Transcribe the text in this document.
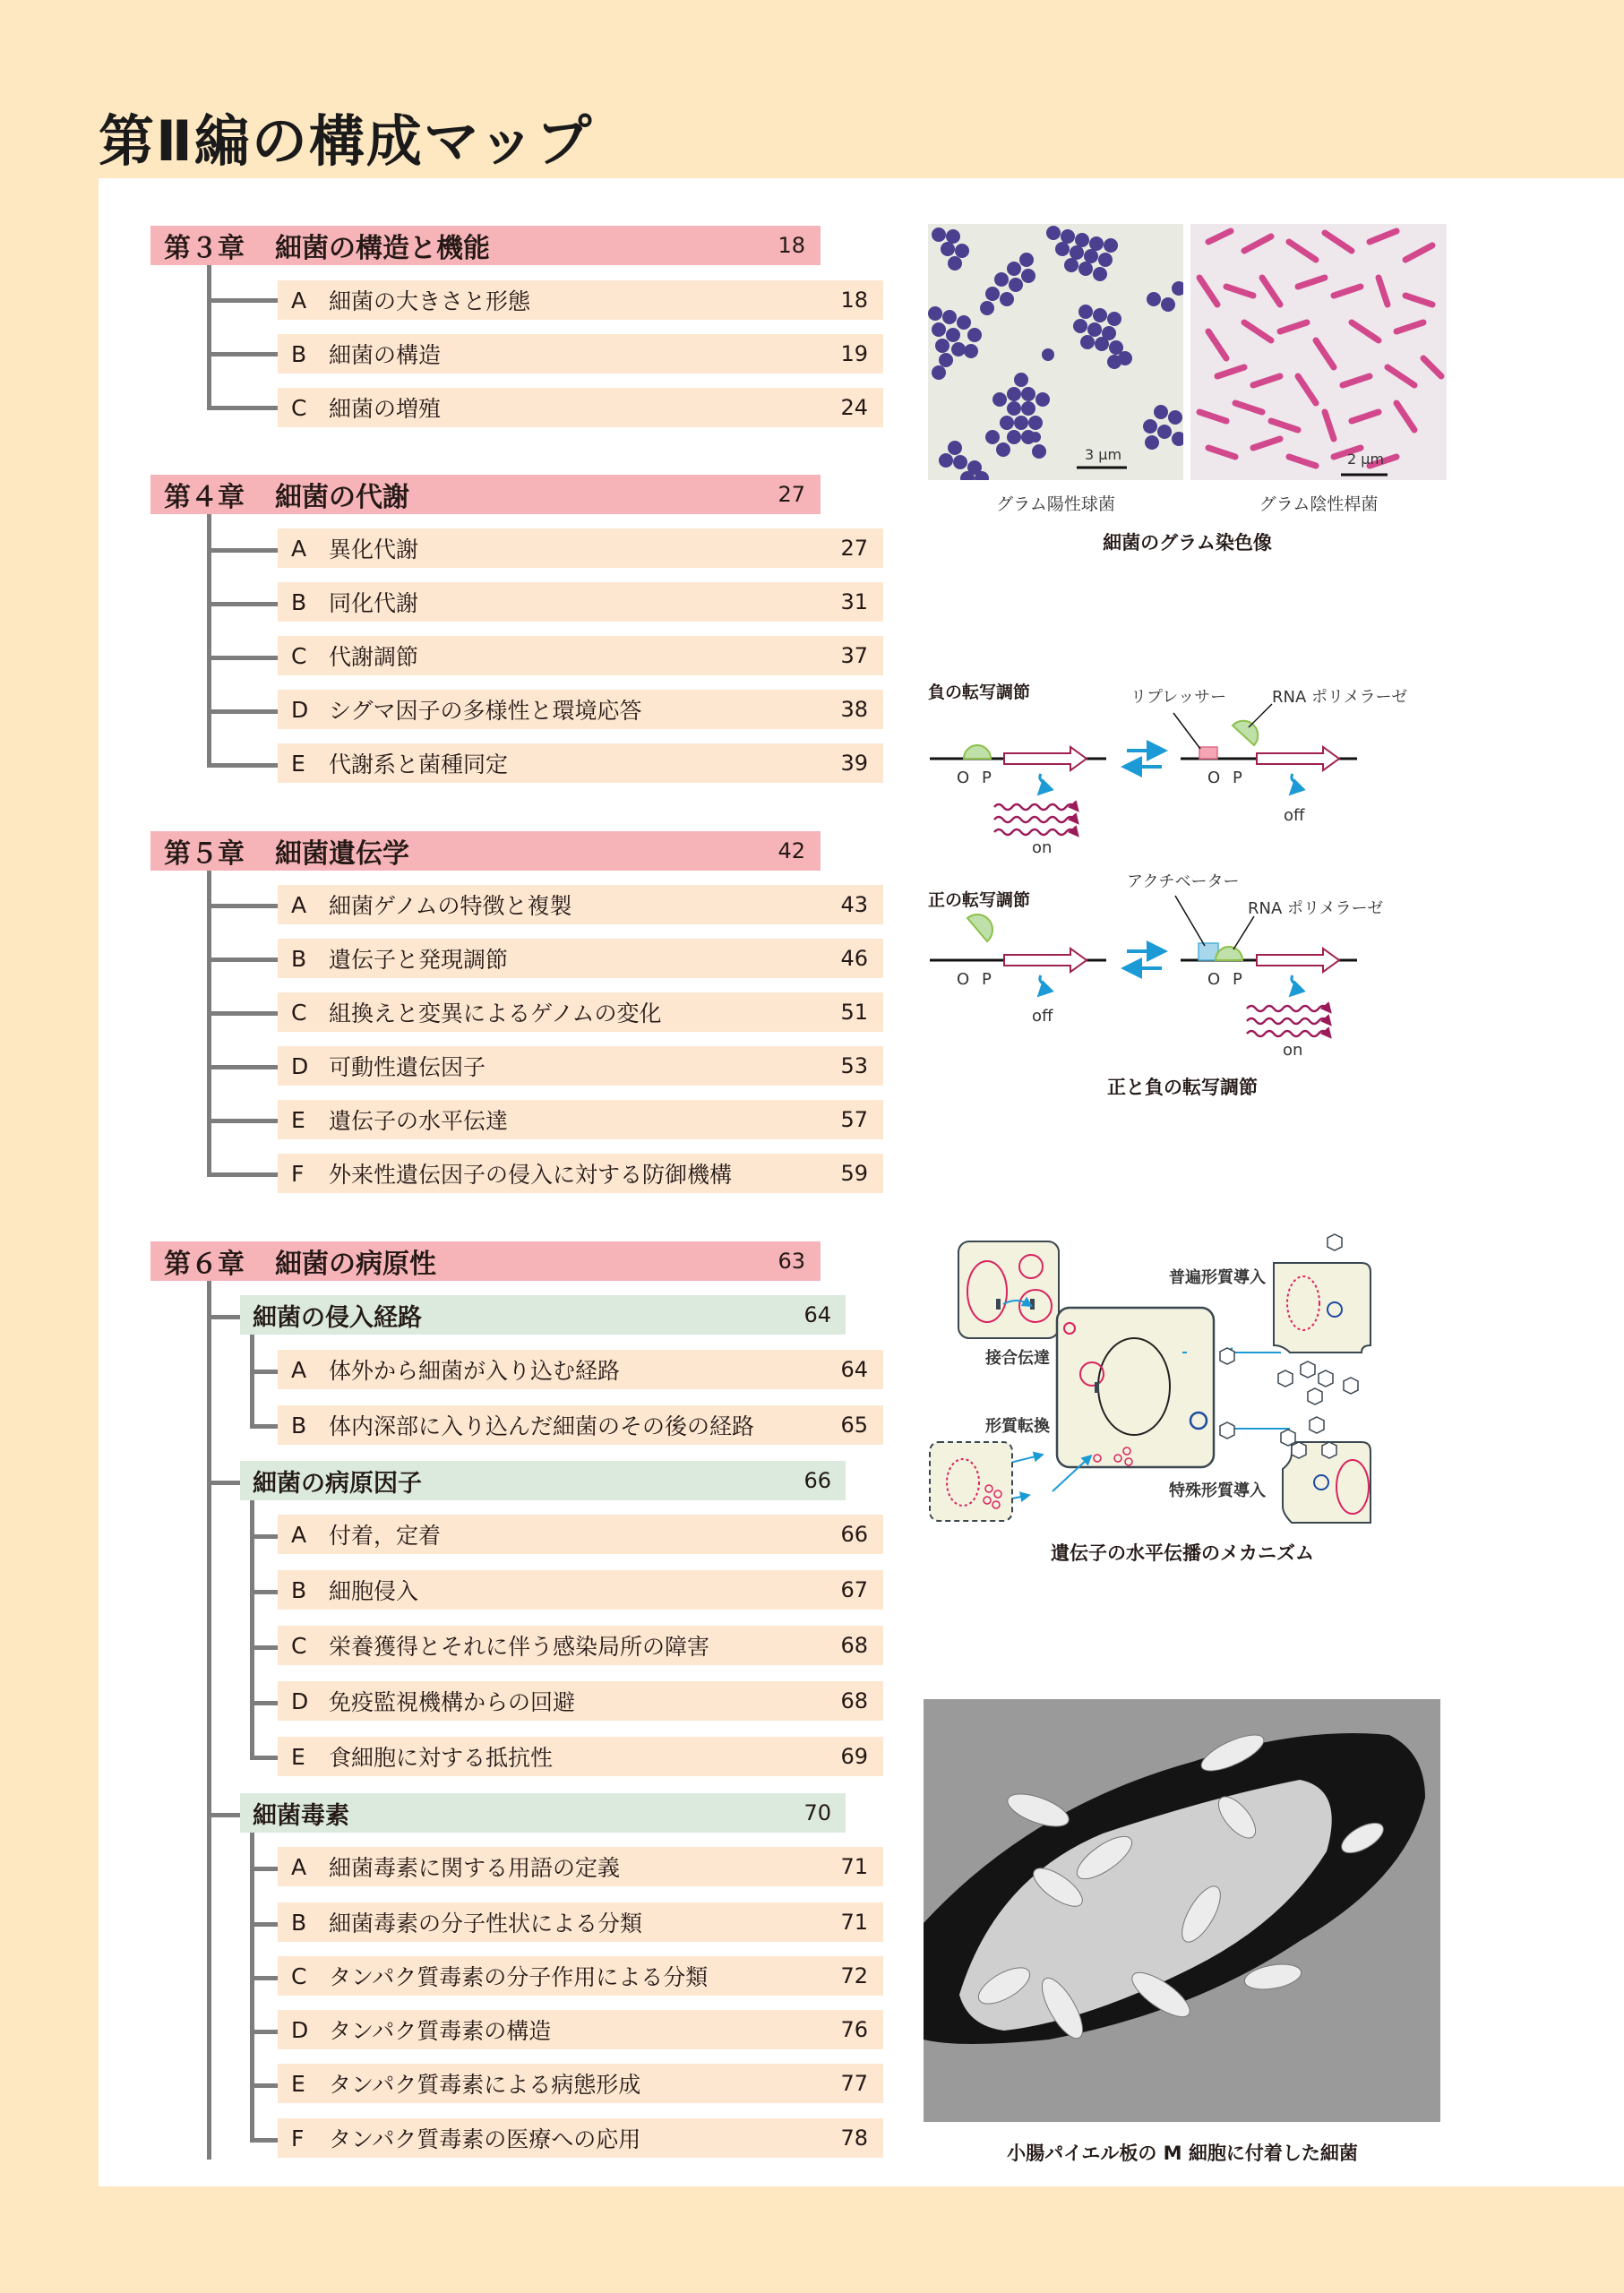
第Ⅱ編の構成マップ
第３章 細菌の構造と機能	18
A 細菌の大きさと形態	18
B 細菌の構造	19
C 細菌の増殖	24
第４章 細菌の代謝	27
A 異化代謝	27
B 同化代謝	31
C 代謝調節	37
D シグマ因子の多様性と環境応答	38
E	代謝系と菌種同定	39
第５章 細菌遺伝学	42
A 細菌ゲノムの特徴と複製	43
B 遺伝子と発現調節	46
C 組換えと変異によるゲノムの変化	51
D 可動性遺伝因子	53
E	遺伝子の水平伝達	57
F	外来性遺伝因子の侵入に対する防御機構	59
第６章 細菌の病原性	63
細菌の侵入経路	64
A 体外から細菌が入り込む経路	64
B 体内深部に入り込んだ細菌のその後の経路	65
細菌の病原因子	66
A 付着，定着	66
B 細胞侵入	67
C 栄養獲得とそれに伴う感染局所の障害	68
D 免疫監視機構からの回避	68
E	食細胞に対する抵抗性	69
細菌毒素	70
A 細菌毒素に関する用語の定義	71
B 細菌毒素の分子性状による分類	71
C タンパク質毒素の分子作用による分類	72
D タンパク質毒素の構造	76
E	タンパク質毒素による病態形成	77
F	タンパク質毒素の医療への応用	78
3 μm	2 μm
グラム陽性球菌	グラム陰性桿菌
細菌のグラム染色像
負の転写調節	リプレッサー	RNA ポリメラーゼ
O P	O P
on
off
正の転写調節
アクチベーター
RNA ポリメラーゼ
O P	O P
off
on
正と負の転写調節
接合伝達
形質転換
普遍形質導入
特殊形質導入
遺伝子の水平伝播のメカニズム
小腸パイエル板の M 細胞に付着した細菌
